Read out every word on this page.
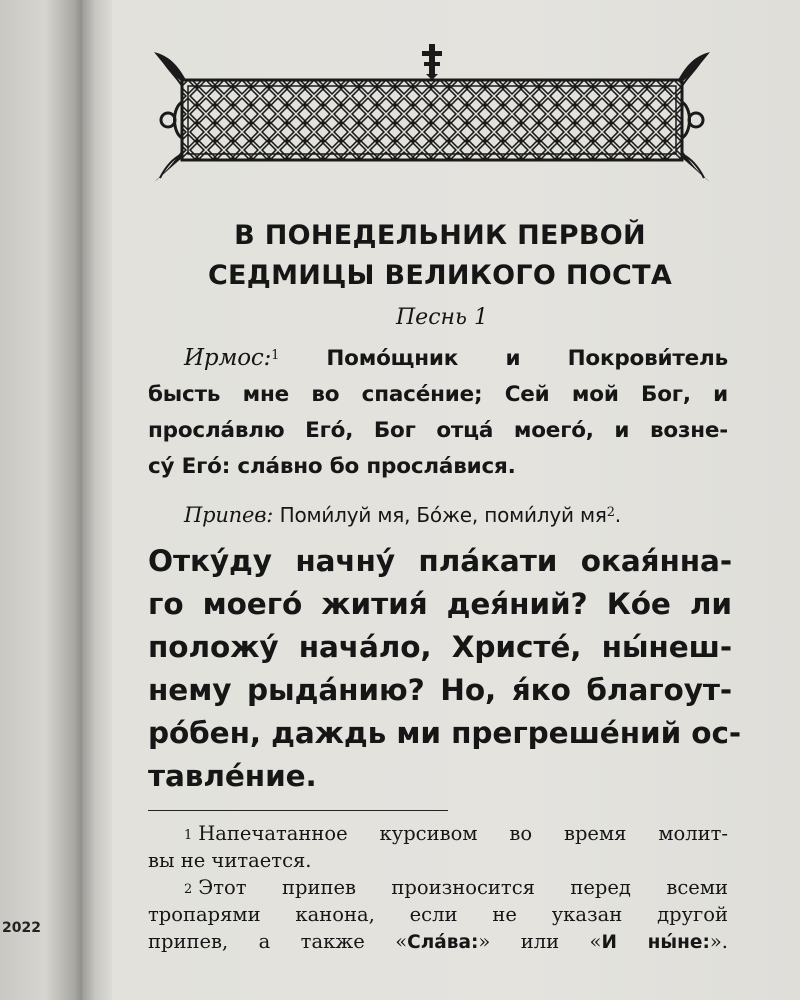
2022
В ПОНЕДЕЛЬНИК ПЕРВОЙ
СЕДМИЦЫ ВЕЛИКОГО ПОСТА
Песнь 1
Ирмос:$^1$ Помо́щник и Покрови́тель
бысть мне во спасе́ние; Сей мой Бог, и
просла́влю Его́, Бог отца́ моего́, и возне-
су́ Его́: сла́вно бо просла́вися.
Припев: Поми́луй мя, Бо́же, поми́луй $мя^2$.
Отку́ду начну́ пла́кати окая́нна-
го моего́ жития́ дея́ний? Ко́е ли
положу́ нача́ло, Христе́, ны́неш-
нему рыда́нию? Но, я́ко благоут-
ро́бен, даждь ми прегреше́ний ос-
тавле́ние.
$^1$ Напечатанное курсивом во время молит-
вы не читается.
$^2$ Этот припев произносится перед всеми
тропарями канона, если не указан другой
припев, а также «Сла́ва:» или «И ны́не:».
